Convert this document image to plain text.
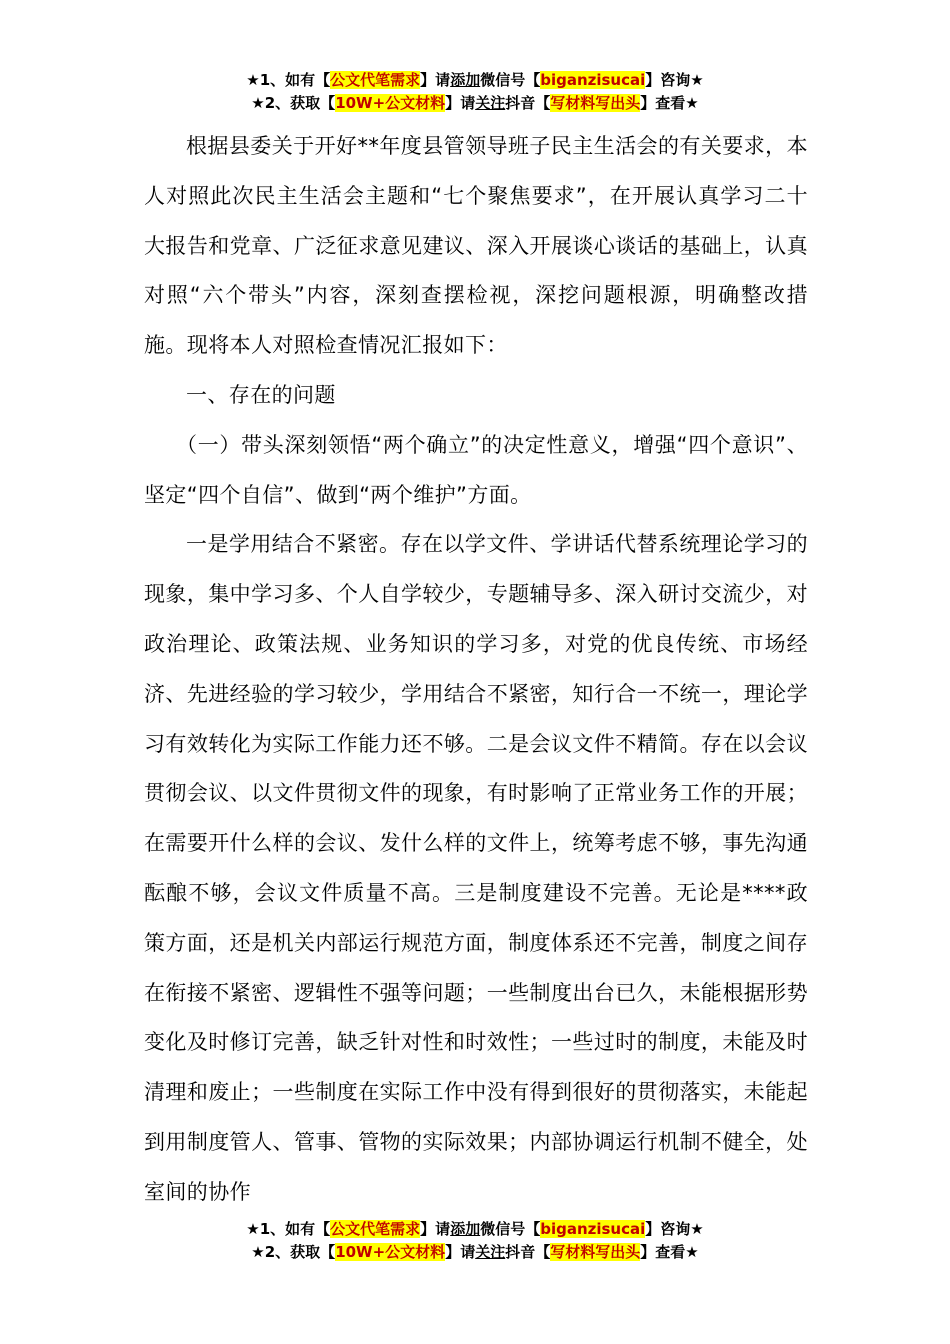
★1、如有【公文代笔需求】请添加微信号【biganzisucai】咨询★
★2、获取【10W+公文材料】请关注抖音【写材料写出头】查看★

根据县委关于开好**年度县管领导班子民主生活会的有关要求，本人对照此次民主生活会主题和“七个聚焦要求”，在开展认真学习二十大报告和党章、广泛征求意见建议、深入开展谈心谈话的基础上，认真对照“六个带头”内容，深刻查摆检视，深挖问题根源，明确整改措施。现将本人对照检查情况汇报如下：

一、存在的问题

（一）带头深刻领悟“两个确立”的决定性意义，增强“四个意识”、坚定“四个自信”、做到“两个维护”方面。

一是学用结合不紧密。存在以学文件、学讲话代替系统理论学习的现象，集中学习多、个人自学较少，专题辅导多、深入研讨交流少，对政治理论、政策法规、业务知识的学习多，对党的优良传统、市场经济、先进经验的学习较少，学用结合不紧密，知行合一不统一，理论学习有效转化为实际工作能力还不够。二是会议文件不精简。存在以会议贯彻会议、以文件贯彻文件的现象，有时影响了正常业务工作的开展；在需要开什么样的会议、发什么样的文件上，统筹考虑不够，事先沟通酝酿不够，会议文件质量不高。三是制度建设不完善。无论是****政策方面，还是机关内部运行规范方面，制度体系还不完善，制度之间存在衔接不紧密、逻辑性不强等问题；一些制度出台已久，未能根据形势变化及时修订完善，缺乏针对性和时效性；一些过时的制度，未能及时清理和废止；一些制度在实际工作中没有得到很好的贯彻落实，未能起到用制度管人、管事、管物的实际效果；内部协调运行机制不健全，处室间的协作

★1、如有【公文代笔需求】请添加微信号【biganzisucai】咨询★
★2、获取【10W+公文材料】请关注抖音【写材料写出头】查看★
